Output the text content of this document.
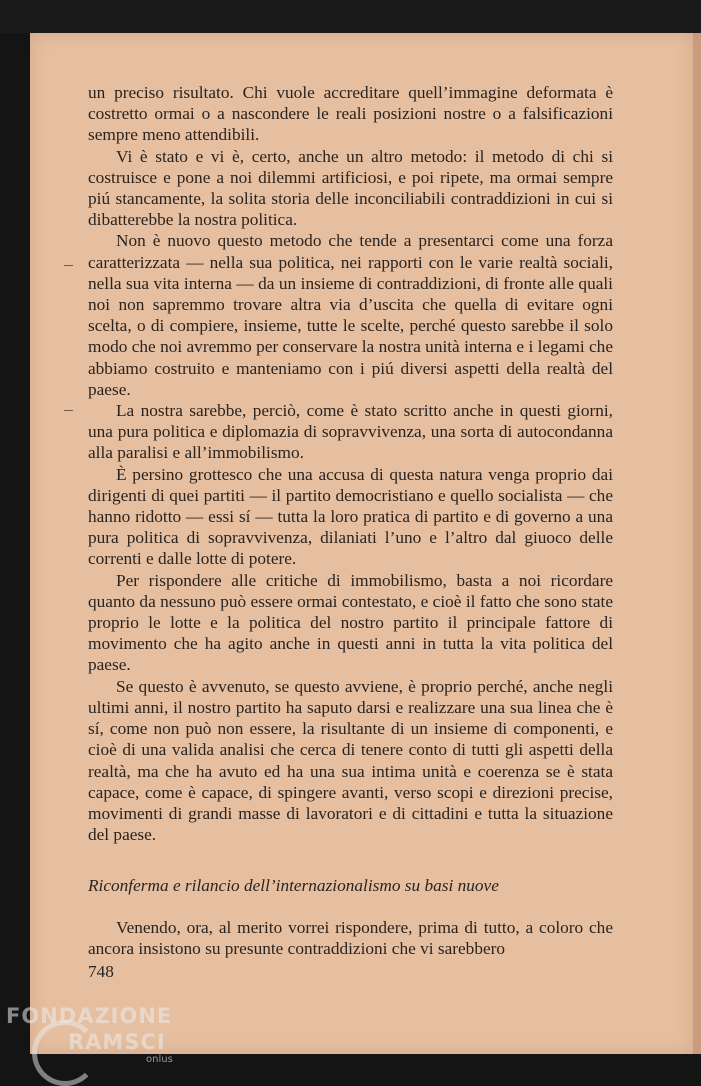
un preciso risultato. Chi vuole accreditare quell’immagine deformata è costretto ormai o a nascondere le reali posizioni nostre o a falsificazioni sempre meno attendibili.

Vi è stato e vi è, certo, anche un altro metodo: il metodo di chi si costruisce e pone a noi dilemmi artificiosi, e poi ripete, ma ormai sempre piú stancamente, la solita storia delle inconciliabili contraddizioni in cui si dibatterebbe la nostra politica.

Non è nuovo questo metodo che tende a presentarci come una forza caratterizzata — nella sua politica, nei rapporti con le varie realtà sociali, nella sua vita interna — da un insieme di contraddizioni, di fronte alle quali noi non sapremmo trovare altra via d’uscita che quella di evitare ogni scelta, o di compiere, insieme, tutte le scelte, perché questo sarebbe il solo modo che noi avremmo per conservare la nostra unità interna e i legami che abbiamo costruito e manteniamo con i piú diversi aspetti della realtà del paese.

La nostra sarebbe, perciò, come è stato scritto anche in questi giorni, una pura politica e diplomazia di sopravvivenza, una sorta di autocondanna alla paralisi e all’immobilismo.

È persino grottesco che una accusa di questa natura venga proprio dai dirigenti di quei partiti — il partito democristiano e quello socialista — che hanno ridotto — essi sí — tutta la loro pratica di partito e di governo a una pura politica di sopravvivenza, dilaniati l’uno e l’altro dal giuoco delle correnti e dalle lotte di potere.

Per rispondere alle critiche di immobilismo, basta a noi ricordare quanto da nessuno può essere ormai contestato, e cioè il fatto che sono state proprio le lotte e la politica del nostro partito il principale fattore di movimento che ha agito anche in questi anni in tutta la vita politica del paese.

Se questo è avvenuto, se questo avviene, è proprio perché, anche negli ultimi anni, il nostro partito ha saputo darsi e realizzare una sua linea che è sí, come non può non essere, la risultante di un insieme di componenti, e cioè di una valida analisi che cerca di tenere conto di tutti gli aspetti della realtà, ma che ha avuto ed ha una sua intima unità e coerenza se è stata capace, come è capace, di spingere avanti, verso scopi e direzioni precise, movimenti di grandi masse di lavoratori e di cittadini e tutta la situazione del paese.

Riconferma e rilancio dell’internazionalismo su basi nuove

Venendo, ora, al merito vorrei rispondere, prima di tutto, a coloro che ancora insistono su presunte contraddizioni che vi sarebbero

748
FONDAZIONE
RAMSCI
onlus
